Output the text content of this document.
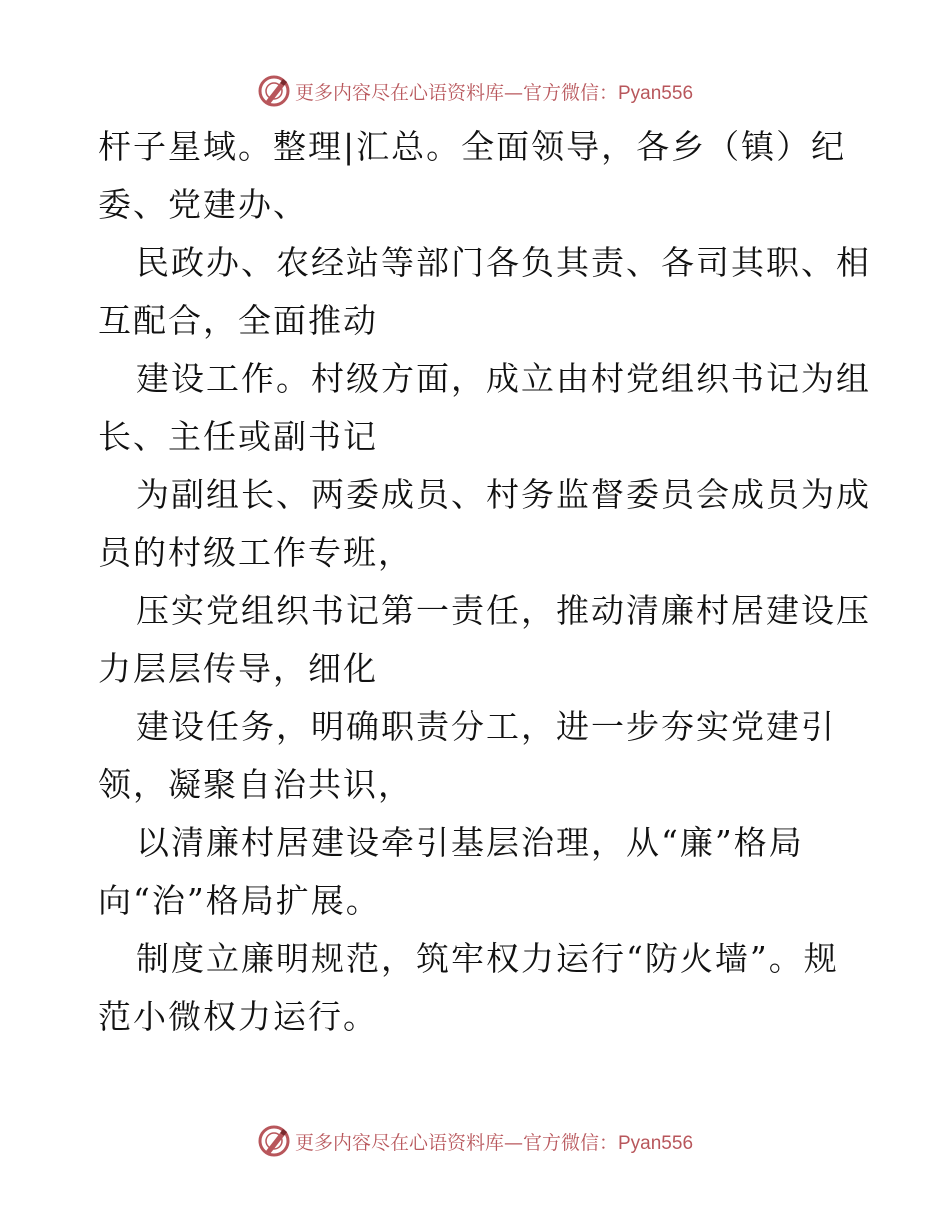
更多内容尽在心语资料库—官方微信：Pyan556
杆子星域。整理|汇总。全面领导，各乡（镇）纪
委、党建办、
民政办、农经站等部门各负其责、各司其职、相
互配合，全面推动
建设工作。村级方面，成立由村党组织书记为组
长、主任或副书记
为副组长、两委成员、村务监督委员会成员为成
员的村级工作专班，
压实党组织书记第一责任，推动清廉村居建设压
力层层传导，细化
建设任务，明确职责分工，进一步夯实党建引
领，凝聚自治共识，
以清廉村居建设牵引基层治理，从“廉”格局
向“治”格局扩展。
制度立廉明规范，筑牢权力运行“防火墙”。规
范小微权力运行。
更多内容尽在心语资料库—官方微信：Pyan556
